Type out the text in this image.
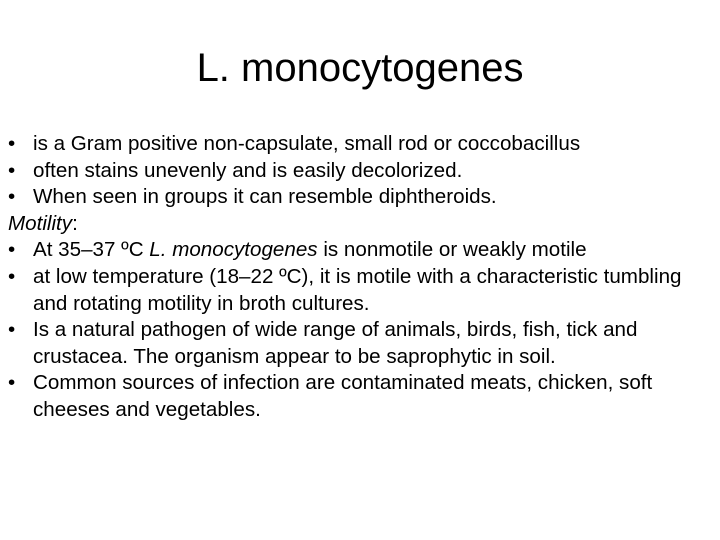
L. monocytogenes
• is a Gram positive non-capsulate, small rod or coccobacillus
• often stains unevenly and is easily decolorized.
• When seen in groups it can resemble diphtheroids.

Motility:

• At 35–37 ºC L. monocytogenes is nonmotile or weakly motile
• at low temperature (18–22 ºC), it is motile with a characteristic tumbling and rotating motility in broth cultures.
• Is a natural pathogen of wide range of animals, birds, fish, tick and crustacea. The organism appear to be saprophytic in soil.
• Common sources of infection are contaminated meats, chicken, soft cheeses and vegetables.
